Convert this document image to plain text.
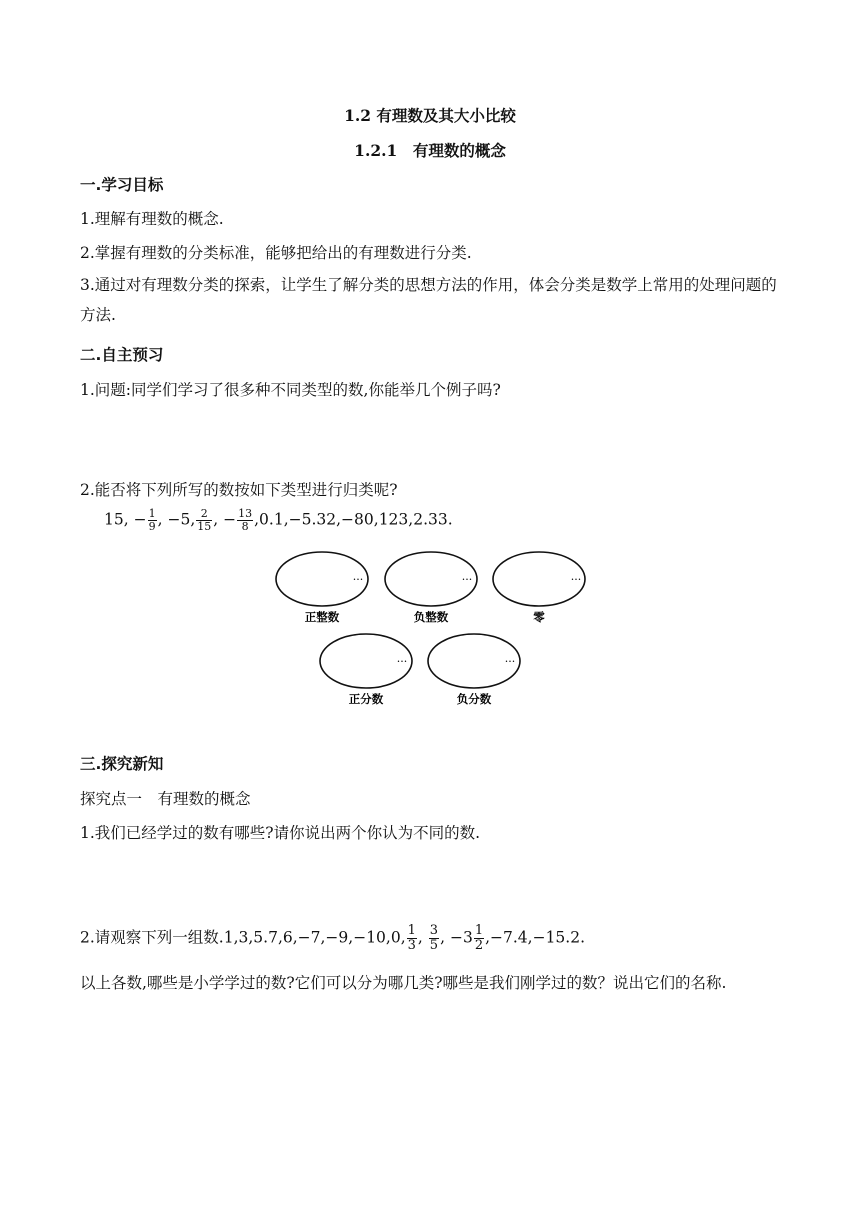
1.2 有理数及其大小比较
1.2.1　有理数的概念
一.学习目标
1.理解有理数的概念.
2.掌握有理数的分类标准，能够把给出的有理数进行分类.
3.通过对有理数分类的探索，让学生了解分类的思想方法的作用，体会分类是数学上常用的处理问题的方法.
二.自主预习
1.问题:同学们学习了很多种不同类型的数,你能举几个例子吗?
2.能否将下列所写的数按如下类型进行归类呢?
15, − $\frac{1}{9}$ , −5, $\frac{2}{15}$ , − $\frac{13}{8} ,0.1,-5.32,-80,123,2.33$.
···
正整数
···
负整数
···
零
···
正分数
···
负分数
三.探究新知
探究点一　有理数的概念
1.我们已经学过的数有哪些?请你说出两个你认为不同的数.
2.请观察下列一组数.1,3,5.7,6,−7,−9,−10,0, $\frac{1}{3}$ , $\frac{3}{5}$ , $-3 \frac{1}{2} ,-7.4,-15.2$.
以上各数,哪些是小学学过的数?它们可以分为哪几类?哪些是我们刚学过的数？说出它们的名称.
